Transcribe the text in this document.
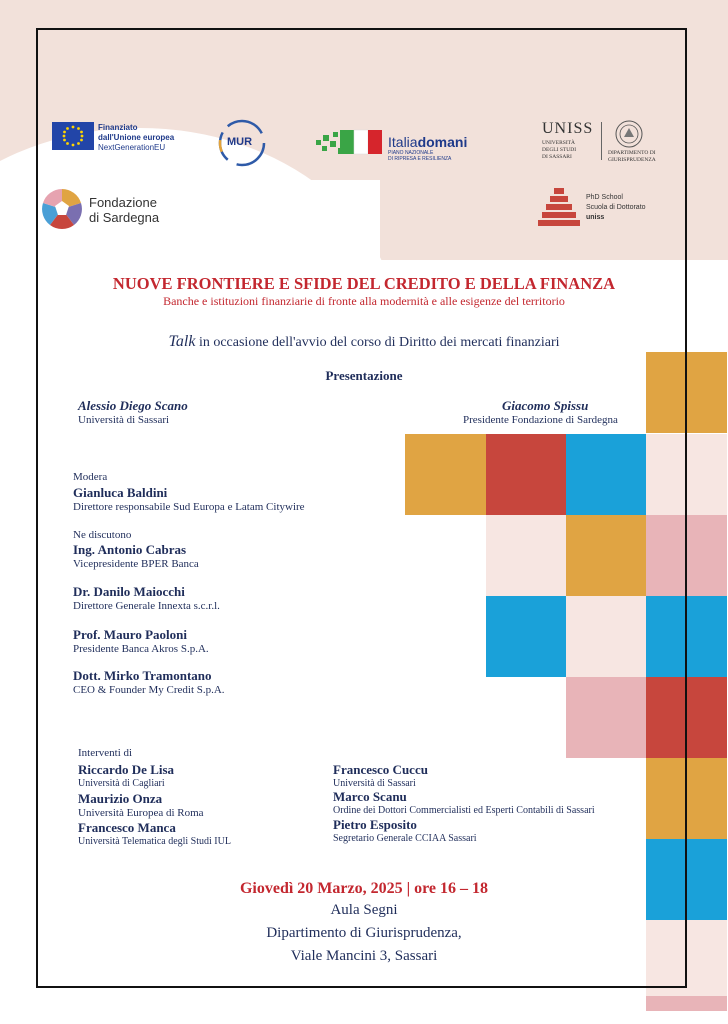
Finanziato
dall'Unione europea
NextGenerationEU	MUR	Italiadomani
PIANO NAZIONALE
DI RIPRESA E RESILIENZA
UNISS
UNIVERSITÀ
DEGLI STUDI
DI SASSARI
DIPARTIMENTO DI
GIURISPRUDENZA
Fondazione
di Sardegna
PhD School
Scuola di Dottorato
uniss
NUOVE FRONTIERE E SFIDE DEL CREDITO E DELLA FINANZA
Banche e istituzioni finanziarie di fronte alla modernità e alle esigenze del territorio
Talk in occasione dell'avvio del corso di Diritto dei mercati finanziari
Presentazione
Alessio Diego Scano
Università di Sassari
Giacomo Spissu
Presidente Fondazione di Sardegna
Modera
Gianluca Baldini
Direttore responsabile Sud Europa e Latam Citywire
Ne discutono
Ing. Antonio Cabras
Vicepresidente BPER Banca
Dr. Danilo Maiocchi
Direttore Generale Innexta s.c.r.l.
Prof. Mauro Paoloni
Presidente Banca Akros S.p.A.
Dott. Mirko Tramontano
CEO & Founder My Credit S.p.A.
Interventi di
Riccardo De Lisa
Università di Cagliari
Maurizio Onza
Università Europea di Roma
Francesco Manca
Università Telematica degli Studi IUL
Francesco Cuccu
Università di Sassari
Marco Scanu
Ordine dei Dottori Commercialisti ed Esperti Contabili di Sassari
Pietro Esposito
Segretario Generale CCIAA Sassari
Giovedì 20 Marzo, 2025 | ore 16 – 18
Aula Segni
Dipartimento di Giurisprudenza,
Viale Mancini 3, Sassari
